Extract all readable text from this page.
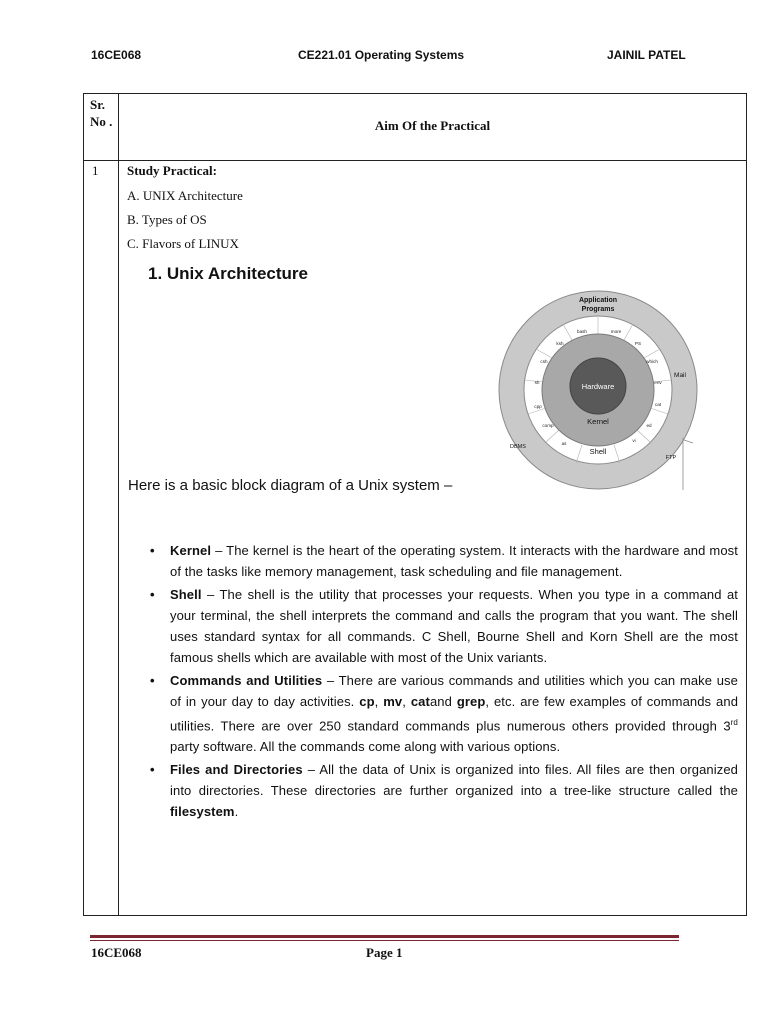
16CE068	CE221.01 Operating Systems	JAINIL PATEL
Sr. No .	Aim Of the Practical
1 Study Practical:
A. UNIX Architecture
B. Types of OS
C. Flavors of LINUX
1. Unix Architecture
Hardware
Kernel
Shell
Application
Programs
Mail
FTP
DBMS
bash	more
PS
which
env
cat
ed
vi
as
comp
cpp
sh
csh
ksh
Here is a basic block diagram of a Unix system –
• Kernel – The kernel is the heart of the operating system. It interacts with the hardware and most of the tasks like memory management, task scheduling and file management.
• Shell – The shell is the utility that processes your requests. When you type in a command at your terminal, the shell interprets the command and calls the program that you want. The shell uses standard syntax for all commands. C Shell, Bourne Shell and Korn Shell are the most famous shells which are available with most of the Unix variants.
• Commands and Utilities – There are various commands and utilities which you can make use of in your day to day activities. cp, mv, catand grep, etc. are few examples of commands and utilities. There are over 250 standard commands plus numerous others provided through 3rd party software. All the commands come along with various options.
• Files and Directories – All the data of Unix is organized into files. All files are then organized into directories. These directories are further organized into a tree-like structure called the filesystem.
16CE068	Page 1
